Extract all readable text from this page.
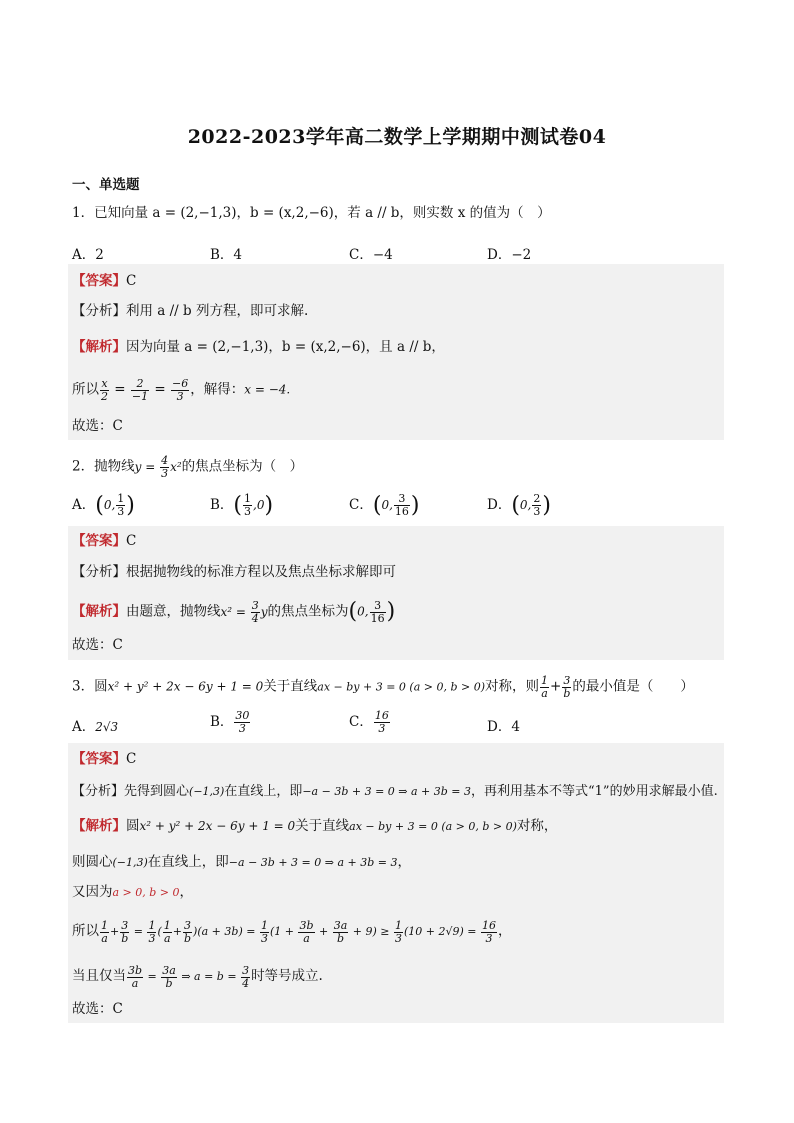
2022-2023学年高二数学上学期期中测试卷04
一、单选题
1．已知向量 a = (2,−1,3)，b = (x,2,−6)，若 a // b，则实数 x 的值为（　）
A．2	B．4	C．−4	D．−2
【答案】C
【分析】利用 a // b 列方程，即可求解.
【解析】因为向量 a = (2,−1,3)，b = (x,2,−6)，且 a // b，
所以 $\frac{x}{2} = \frac{2}{-1} = \frac{-6}{3}$ ，解得：x = −4.
故选：C
2．抛物线$y = \frac{4}{3} x^2$的焦点坐标为（　）
A．(0, $\frac{1}{3}$ )	B．( $\frac{1}{3} ,0$)	C．(0, $\frac{3}{16}$ )	D．(0, $\frac{2}{3}$ )
【答案】C
【分析】根据抛物线的标准方程以及焦点坐标求解即可
【解析】由题意，抛物线$x^2 = \frac{3}{4}$ y的焦点坐标为(0, $\frac{3}{16}$ )
故选：C
3．圆x² + y² + 2x − 6y + 1 = 0关于直线ax − by + 3 = 0 (a > 0, b > 0)对称，则 $\frac{1}{a} + \frac{3}{b}$ 的最小值是（　　）
A．2√3	B． $\frac{30}{3}$	C． $\frac{16}{3}$	D．4
【答案】C
【分析】先得到圆心(−1,3)在直线上，即−a − 3b + 3 = 0 ⇒ a + 3b = 3，再利用基本不等式“1”的妙用求解最小值.
【解析】圆x² + y² + 2x − 6y + 1 = 0关于直线ax − by + 3 = 0 (a > 0, b > 0)对称，
则圆心(−1,3)在直线上，即−a − 3b + 3 = 0 ⇒ a + 3b = 3，
又因为a > 0, b > 0，
所以 $\frac{1}{a} + \frac{3}{b} = \frac{1}{3}$ ( $\frac{1}{a} + \frac{3}{b} )(a + 3b) = \frac{1}{3} (1 + \frac{3b}{a} + \frac{3a}{b} + 9) \ge \frac{1}{3} (10 + 2√9) = \frac{16}{3}$ ，
当且仅当 $\frac{3b}{a} = \frac{3a}{b}$ ⇒ $a = b = \frac{3}{4}$ 时等号成立.
故选：C
